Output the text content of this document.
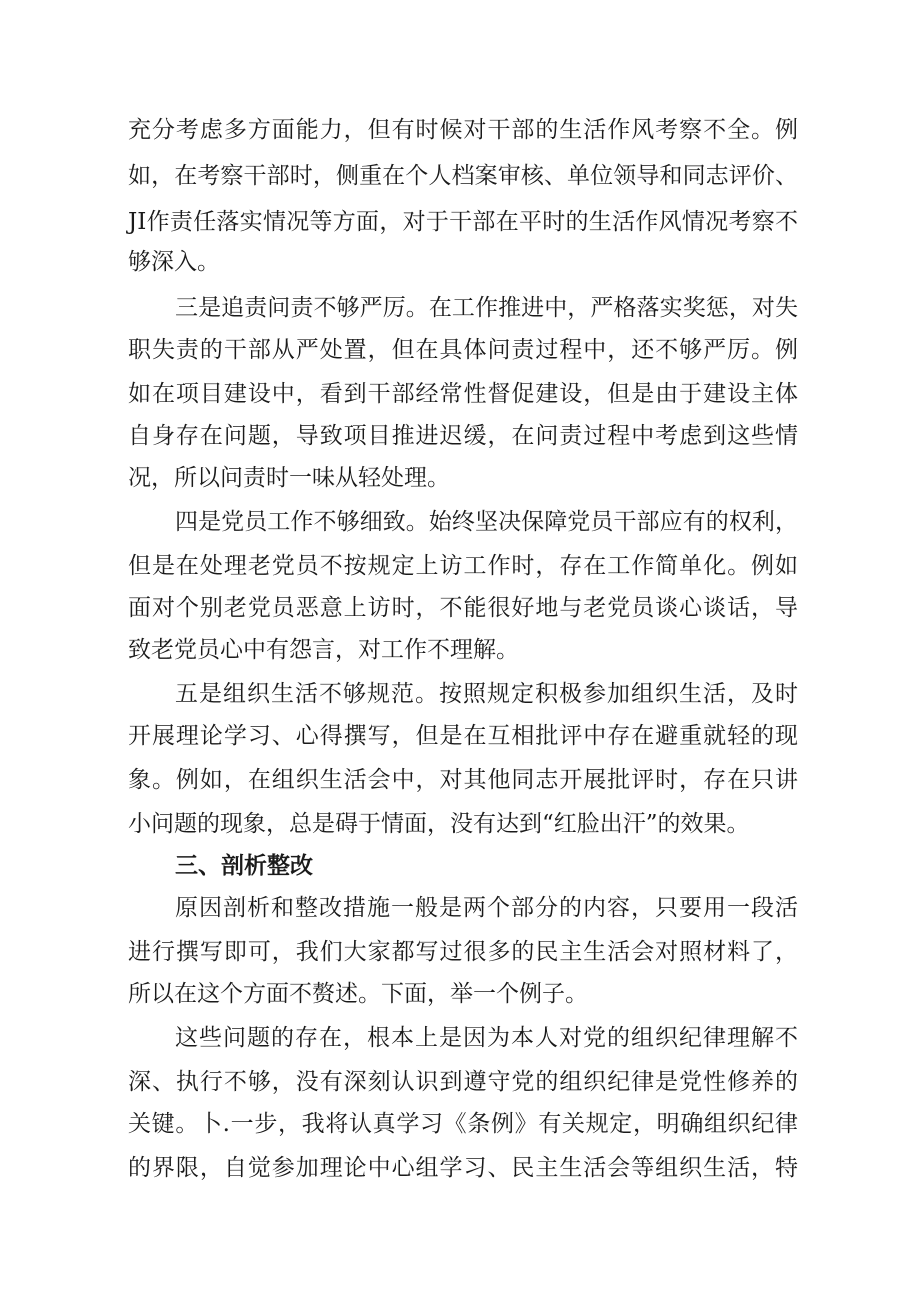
充分考虑多方面能力，但有时候对干部的生活作风考察不全。例
如，在考察干部时，侧重在个人档案审核、单位领导和同志评价、
JI作责任落实情况等方面，对于干部在平时的生活作风情况考察不
够深入。
三是追责问责不够严厉。在工作推进中，严格落实奖惩，对失
职失责的干部从严处置，但在具体问责过程中，还不够严厉。例
如在项目建设中，看到干部经常性督促建设，但是由于建设主体
自身存在问题，导致项目推进迟缓，在问责过程中考虑到这些情
况，所以问责时一味从轻处理。
四是党员工作不够细致。始终坚决保障党员干部应有的权利，
但是在处理老党员不按规定上访工作时，存在工作简单化。例如
面对个别老党员恶意上访时，不能很好地与老党员谈心谈话，导
致老党员心中有怨言，对工作不理解。
五是组织生活不够规范。按照规定积极参加组织生活，及时
开展理论学习、心得撰写，但是在互相批评中存在避重就轻的现
象。例如，在组织生活会中，对其他同志开展批评时，存在只讲
小问题的现象，总是碍于情面，没有达到“红脸出汗”的效果。
三、剖析整改
原因剖析和整改措施一般是两个部分的内容，只要用一段活
进行撰写即可，我们大家都写过很多的民主生活会对照材料了，
所以在这个方面不赘述。下面，举一个例子。
这些问题的存在，根本上是因为本人对党的组织纪律理解不
深、执行不够，没有深刻认识到遵守党的组织纪律是党性修养的
关键。卜.一步，我将认真学习《条例》有关规定，明确组织纪律
的界限，自觉参加理论中心组学习、民主生活会等组织生活，特
